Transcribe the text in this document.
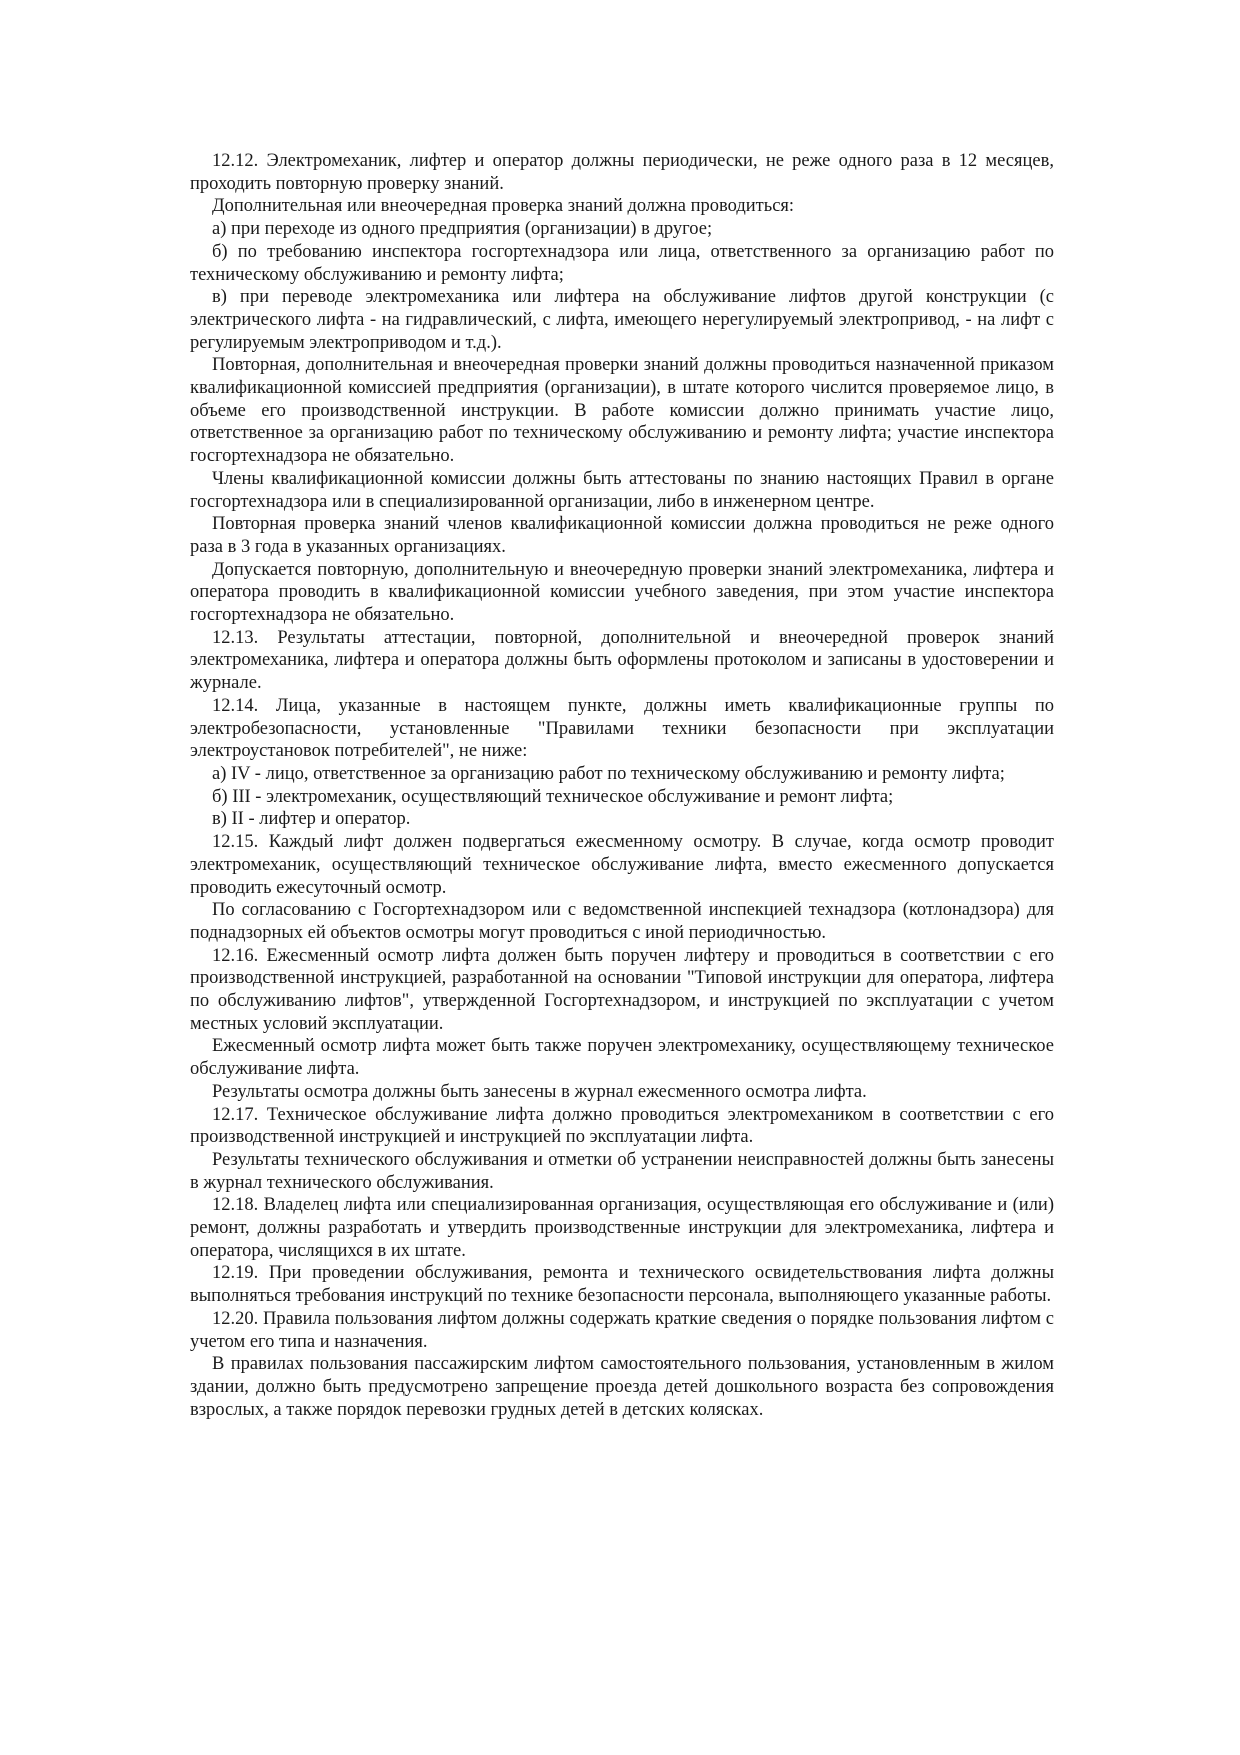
12.12. Электромеханик, лифтер и оператор должны периодически, не реже одного раза в 12 месяцев, проходить повторную проверку знаний.

Дополнительная или внеочередная проверка знаний должна проводиться:

а) при переходе из одного предприятия (организации) в другое;

б) по требованию инспектора госгортехнадзора или лица, ответственного за организацию работ по техническому обслуживанию и ремонту лифта;

в) при переводе электромеханика или лифтера на обслуживание лифтов другой конструкции (с электрического лифта - на гидравлический, с лифта, имеющего нерегулируемый электропривод, - на лифт с регулируемым электроприводом и т.д.).

Повторная, дополнительная и внеочередная проверки знаний должны проводиться назначенной приказом квалификационной комиссией предприятия (организации), в штате которого числится проверяемое лицо, в объеме его производственной инструкции. В работе комиссии должно принимать участие лицо, ответственное за организацию работ по техническому обслуживанию и ремонту лифта; участие инспектора госгортехнадзора не обязательно.

Члены квалификационной комиссии должны быть аттестованы по знанию настоящих Правил в органе госгортехнадзора или в специализированной организации, либо в инженерном центре.

Повторная проверка знаний членов квалификационной комиссии должна проводиться не реже одного раза в 3 года в указанных организациях.

Допускается повторную, дополнительную и внеочередную проверки знаний электромеханика, лифтера и оператора проводить в квалификационной комиссии учебного заведения, при этом участие инспектора госгортехнадзора не обязательно.

12.13. Результаты аттестации, повторной, дополнительной и внеочередной проверок знаний электромеханика, лифтера и оператора должны быть оформлены протоколом и записаны в удостоверении и журнале.

12.14. Лица, указанные в настоящем пункте, должны иметь квалификационные группы по электробезопасности, установленные "Правилами техники безопасности при эксплуатации электроустановок потребителей", не ниже:

а) IV - лицо, ответственное за организацию работ по техническому обслуживанию и ремонту лифта;

б) III - электромеханик, осуществляющий техническое обслуживание и ремонт лифта;

в) II - лифтер и оператор.

12.15. Каждый лифт должен подвергаться ежесменному осмотру. В случае, когда осмотр проводит электромеханик, осуществляющий техническое обслуживание лифта, вместо ежесменного допускается проводить ежесуточный осмотр.

По согласованию с Госгортехнадзором или с ведомственной инспекцией технадзора (котлонадзора) для поднадзорных ей объектов осмотры могут проводиться с иной периодичностью.

12.16. Ежесменный осмотр лифта должен быть поручен лифтеру и проводиться в соответствии с его производственной инструкцией, разработанной на основании "Типовой инструкции для оператора, лифтера по обслуживанию лифтов", утвержденной Госгортехнадзором, и инструкцией по эксплуатации с учетом местных условий эксплуатации.

Ежесменный осмотр лифта может быть также поручен электромеханику, осуществляющему техническое обслуживание лифта.

Результаты осмотра должны быть занесены в журнал ежесменного осмотра лифта.

12.17. Техническое обслуживание лифта должно проводиться электромехаником в соответствии с его производственной инструкцией и инструкцией по эксплуатации лифта.

Результаты технического обслуживания и отметки об устранении неисправностей должны быть занесены в журнал технического обслуживания.

12.18. Владелец лифта или специализированная организация, осуществляющая его обслуживание и (или) ремонт, должны разработать и утвердить производственные инструкции для электромеханика, лифтера и оператора, числящихся в их штате.

12.19. При проведении обслуживания, ремонта и технического освидетельствования лифта должны выполняться требования инструкций по технике безопасности персонала, выполняющего указанные работы.

12.20. Правила пользования лифтом должны содержать краткие сведения о порядке пользования лифтом с учетом его типа и назначения.

В правилах пользования пассажирским лифтом самостоятельного пользования, установленным в жилом здании, должно быть предусмотрено запрещение проезда детей дошкольного возраста без сопровождения взрослых, а также порядок перевозки грудных детей в детских колясках.
